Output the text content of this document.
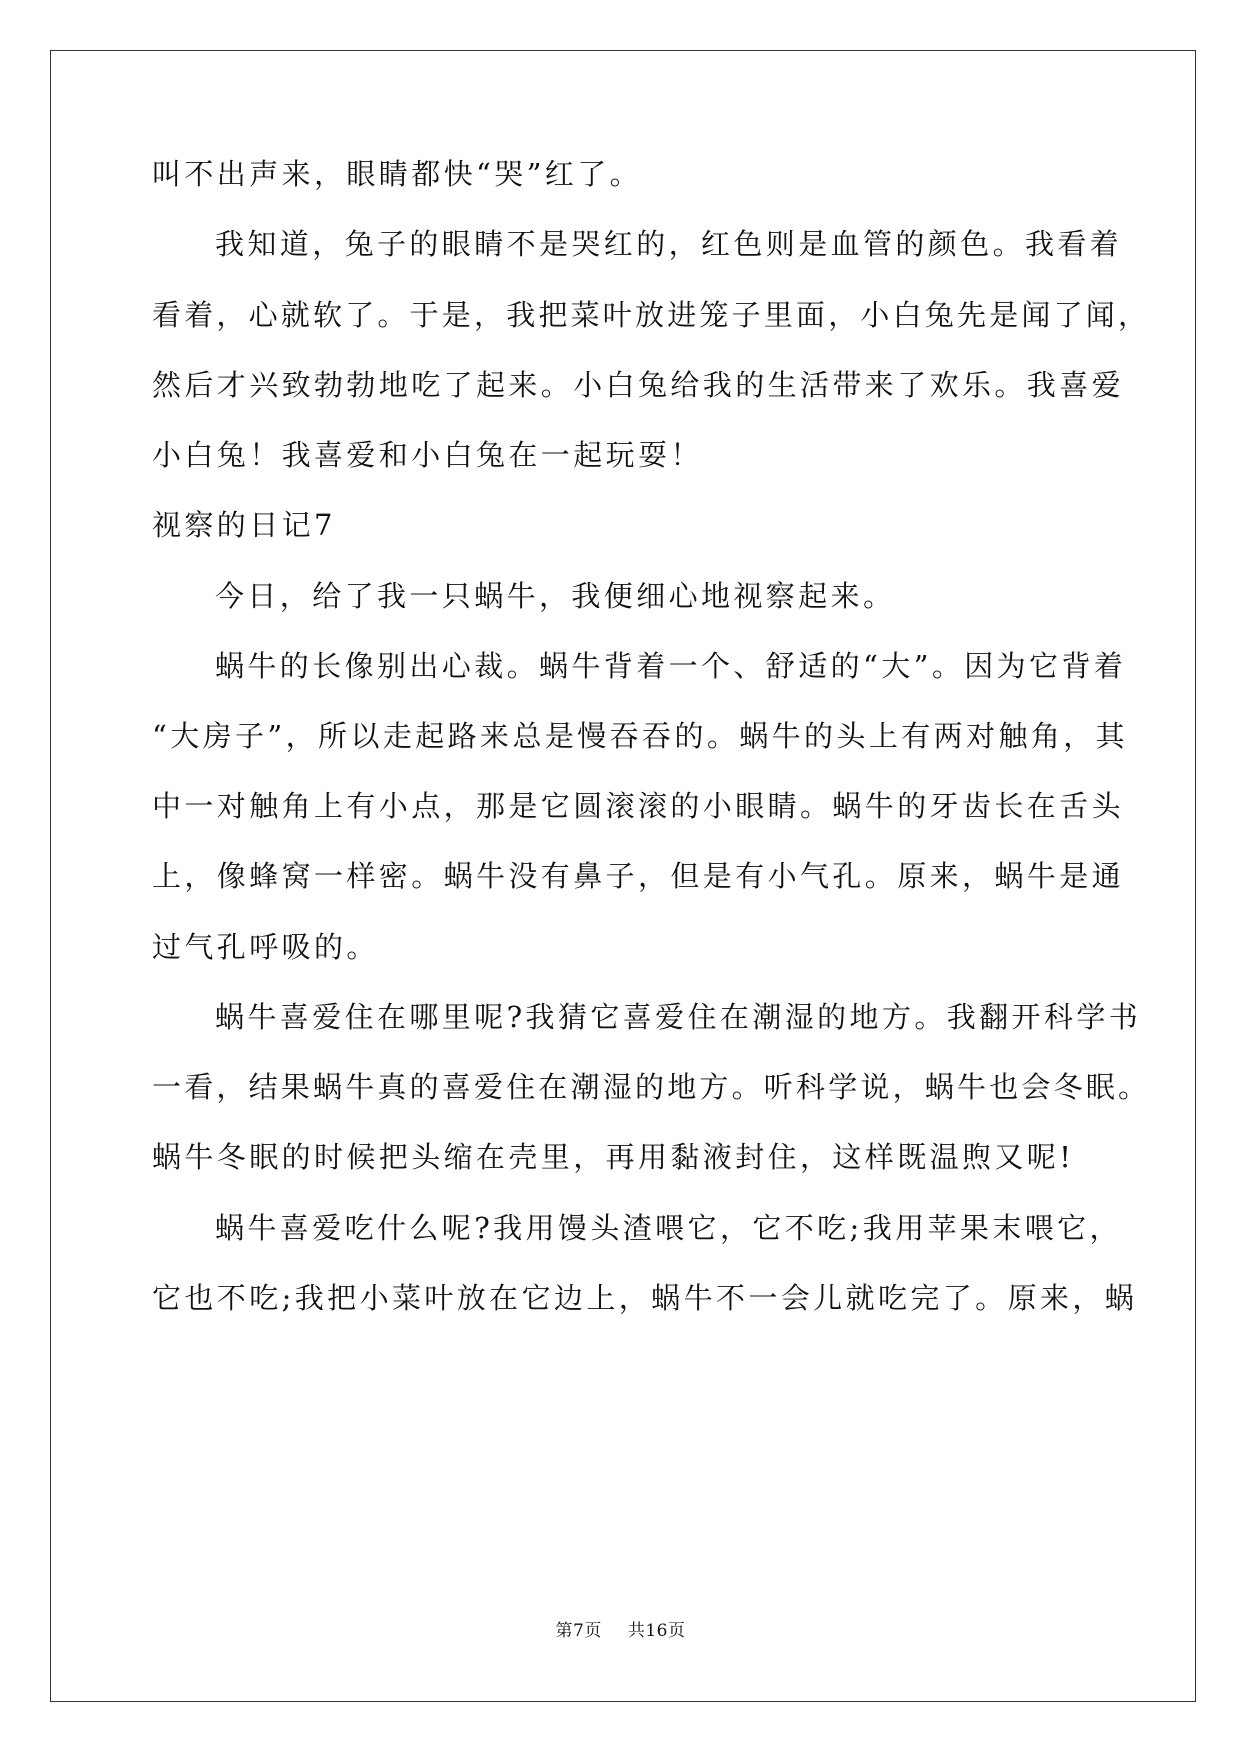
叫不出声来，眼睛都快“哭”红了。
我知道，兔子的眼睛不是哭红的，红色则是血管的颜色。我看着
看着，心就软了。于是，我把菜叶放进笼子里面，小白兔先是闻了闻，
然后才兴致勃勃地吃了起来。小白兔给我的生活带来了欢乐。我喜爱
小白兔！我喜爱和小白兔在一起玩耍！
视察的日记7
今日，给了我一只蜗牛，我便细心地视察起来。
蜗牛的长像别出心裁。蜗牛背着一个、舒适的“大”。因为它背着
“大房子”，所以走起路来总是慢吞吞的。蜗牛的头上有两对触角，其
中一对触角上有小点，那是它圆滚滚的小眼睛。蜗牛的牙齿长在舌头
上，像蜂窝一样密。蜗牛没有鼻子，但是有小气孔。原来，蜗牛是通
过气孔呼吸的。
蜗牛喜爱住在哪里呢?我猜它喜爱住在潮湿的地方。我翻开科学书
一看，结果蜗牛真的喜爱住在潮湿的地方。听科学说，蜗牛也会冬眠。
蜗牛冬眠的时候把头缩在壳里，再用黏液封住，这样既温煦又呢!
蜗牛喜爱吃什么呢?我用馒头渣喂它，它不吃;我用苹果末喂它，
它也不吃;我把小菜叶放在它边上，蜗牛不一会儿就吃完了。原来，蜗
第7页 共16页
